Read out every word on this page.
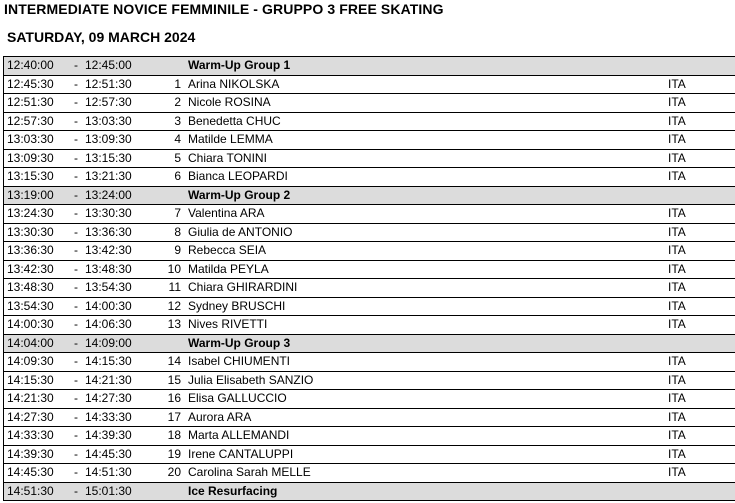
INTERMEDIATE NOVICE FEMMINILE - GRUPPO 3 FREE SKATING
SATURDAY, 09 MARCH 2024
12:40:00	-	12:45:00		Warm-Up Group 1	
12:45:30	-	12:51:30	1	Arina NIKOLSKA	ITA
12:51:30	-	12:57:30	2	Nicole ROSINA	ITA
12:57:30	-	13:03:30	3	Benedetta CHUC	ITA
13:03:30	-	13:09:30	4	Matilde LEMMA	ITA
13:09:30	-	13:15:30	5	Chiara TONINI	ITA
13:15:30	-	13:21:30	6	Bianca LEOPARDI	ITA
13:19:00	-	13:24:00		Warm-Up Group 2	
13:24:30	-	13:30:30	7	Valentina ARA	ITA
13:30:30	-	13:36:30	8	Giulia de ANTONIO	ITA
13:36:30	-	13:42:30	9	Rebecca SEIA	ITA
13:42:30	-	13:48:30	10	Matilda PEYLA	ITA
13:48:30	-	13:54:30	11	Chiara GHIRARDINI	ITA
13:54:30	-	14:00:30	12	Sydney BRUSCHI	ITA
14:00:30	-	14:06:30	13	Nives RIVETTI	ITA
14:04:00	-	14:09:00		Warm-Up Group 3	
14:09:30	-	14:15:30	14	Isabel CHIUMENTI	ITA
14:15:30	-	14:21:30	15	Julia Elisabeth SANZIO	ITA
14:21:30	-	14:27:30	16	Elisa GALLUCCIO	ITA
14:27:30	-	14:33:30	17	Aurora ARA	ITA
14:33:30	-	14:39:30	18	Marta ALLEMANDI	ITA
14:39:30	-	14:45:30	19	Irene CANTALUPPI	ITA
14:45:30	-	14:51:30	20	Carolina Sarah MELLE	ITA
14:51:30	-	15:01:30		Ice Resurfacing	
